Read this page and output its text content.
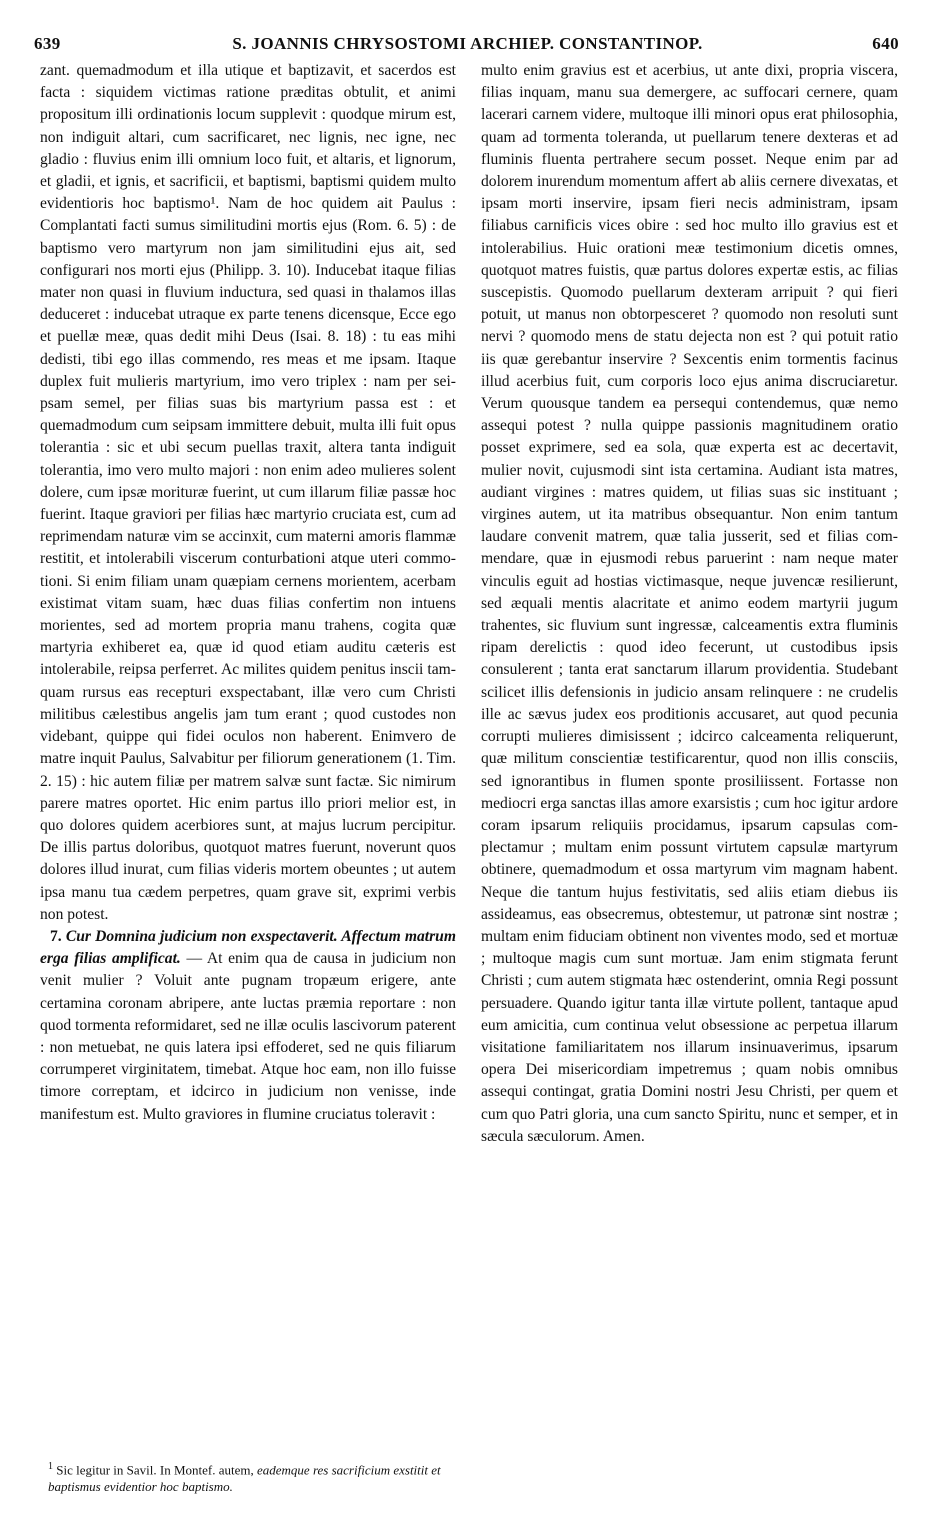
639	S. JOANNIS CHRYSOSTOMI ARCHIEP. CONSTANTINOP.	640

zant. quemadmodum et illa utique et baptizavit, et sacerdos est facta : siquidem victimas ratione præditas obtulit, et animi propositum illi ordinationis locum supplevit : quodque mirum est, non indiguit altari, cum sacrificaret, nec lignis, nec igne, nec gladio : fluvius enim illi omnium loco fuit, et altaris, et lignorum, et gladii, et ignis, et sacrificii, et baptismi, baptismi quidem multo evidentioris hoc baptismo¹. Nam de hoc quidem ait Paulus : Complantati facti sumus similitudini mortis ejus (Rom. 6. 5) : de baptismo vero martyrum non jam similitudini ejus ait, sed configurari nos morti ejus (Philipp. 3. 10). Inducebat itaque filias mater non quasi in fluvium inductura, sed quasi in thalamos illas deduceret : inducebat utraque ex parte tenens dicensque, Ecce ego et puellæ meæ, quas dedit mihi Deus (Isai. 8. 18) : tu eas mihi dedisti, tibi ego illas commendo, res meas et me ipsam. Itaque duplex fuit mulieris martyrium, imo vero triplex : nam per seipsam semel, per filias suas bis martyrium passa est : et quemadmodum cum seipsam immittere debuit, multa illi fuit opus tolerantia : sic et ubi secum puellas traxit, altera tanta indiguit tolerantia, imo vero multo majori : non enim adeo mulieres solent dolere, cum ipsæ morituræ fuerint, ut cum illarum filiæ passæ hoc fuerint. Itaque graviori per filias hæc martyrio cruciata est, cum ad reprimendam naturæ vim se accinxit, cum materni amoris flammæ restitit, et intolerabili viscerum conturbationi atque uteri commotioni. Si enim filiam unam quæpiam cernens morientem, acerbam existimat vitam suam, hæc duas filias confertim non intuens morientes, sed ad mortem propria manu trahens, cogita quæ martyria exhiberet ea, quæ id quod etiam auditu cæteris est intolerabile, reipsa perferret. Ac milites quidem penitus inscii tamquam rursus eas recepturi exspectabant, illæ vero cum Christi militibus cælestibus angelis jam tum erant ; quod custodes non videbant, quippe qui fidei oculos non haberent. Enimvero de matre inquit Paulus, Salvabitur per filiorum generationem (1. Tim. 2. 15) : hic autem filiæ per matrem salvæ sunt factæ. Sic nimirum parere matres oportet. Hic enim partus illo priori melior est, in quo dolores quidem acerbiores sunt, at majus lucrum percipitur. De illis partus doloribus, quotquot matres fuerunt, noverunt quos dolores illud inurat, cum filias videris mortem obeuntes ; ut autem ipsa manu tua cædem perpetres, quam grave sit, exprimi verbis non potest.

7. Cur Domnina judicium non exspectaverit. Affectum matrum erga filias amplificat. — At enim qua de causa in judicium non venit mulier ? Voluit ante pugnam tropæum erigere, ante certamina coronam abripere, ante luctas præmia reportare : non quod tormenta reformidaret, sed ne illæ oculis lascivorum paterent : non metuebat, ne quis latera ipsi effoderet, sed ne quis filiarum corrumperet virginitatem, timebat. Atque hoc eam, non illo fuisse timore correptam, et idcirco in judicium non venisse, inde manifestum est. Multo graviores in flumine cruciatus toleravit :

multo enim gravius est et acerbius, ut ante dixi, propria viscera, filias inquam, manu sua demergere, ac suffocari cernere, quam lacerari carnem videre, multoque illi minori opus erat philosophia, quam ad tormenta toleranda, ut puellarum tenere dexteras et ad fluminis fluenta pertrahere secum posset. Neque enim par ad dolorem inurendum momentum affert ab aliis cernere divexatas, et ipsam morti inservire, ipsam fieri necis administram, ipsam filiabus carnificis vices obire : sed hoc multo illo gravius est et intolerabilius. Huic orationi meæ testimonium dicetis omnes, quotquot matres fuistis, quæ partus dolores expertæ estis, ac filias suscepistis. Quomodo puellarum dexteram arripuit ? qui fieri potuit, ut manus non obtorpesceret ? quomodo non resoluti sunt nervi ? quomodo mens de statu dejecta non est ? qui potuit ratio iis quæ gerebantur inservire ? Sexcentis enim tormentis facinus illud acerbius fuit, cum corporis loco ejus anima discruciaretur. Verum quousque tandem ea persequi contendemus, quæ nemo assequi potest ? nulla quippe passionis magnitudinem oratio posset exprimere, sed ea sola, quæ experta est ac decertavit, mulier novit, cujusmodi sint ista certamina. Audiant ista matres, audiant virgines : matres quidem, ut filias suas sic instituant ; virgines autem, ut ita matribus obsequantur. Non enim tantum laudare convenit matrem, quæ talia jusserit, sed et filias commendare, quæ in ejusmodi rebus paruerint : nam neque mater vinculis eguit ad hostias victimasque, neque juvencæ resilierunt, sed æquali mentis alacritate et animo eodem martyrii jugum trahentes, sic fluvium sunt ingressæ, calceamentis extra fluminis ripam derelictis : quod ideo fecerunt, ut custodibus ipsis consulerent ; tanta erat sanctarum illarum providentia. Studebant scilicet illis defensionis in judicio ansam relinquere : ne crudelis ille ac sævus judex eos proditionis accusaret, aut quod pecunia corrupti mulieres dimisissent ; idcirco calceamenta reliquerunt, quæ militum conscientiæ testificarentur, quod non illis consciis, sed ignorantibus in flumen sponte prosiliissent. Fortasse non mediocri erga sanctas illas amore exarsistis ; cum hoc igitur ardore coram ipsarum reliquiis procidamus, ipsarum capsulas complectamur ; multam enim possunt virtutem capsulæ martyrum obtinere, quemadmodum et ossa martyrum vim magnam habent. Neque die tantum hujus festivitatis, sed aliis etiam diebus iis assideamus, eas obsecremus, obtestemur, ut patronæ sint nostræ ; multam enim fiduciam obtinent non viventes modo, sed et mortuæ ; multoque magis cum sunt mortuæ. Jam enim stigmata ferunt Christi ; cum autem stigmata hæc ostenderint, omnia Regi possunt persuadere. Quando igitur tanta illæ virtute pollent, tantaque apud eum amicitia, cum continua velut obsessione ac perpetua illarum visitatione familiaritatem nos illarum insinuaverimus, ipsarum opera Dei misericordiam impetremus ; quam nobis omnibus assequi contingat, gratia Domini nostri Jesu Christi, per quem et cum quo Patri gloria, una cum sancto Spiritu, nunc et semper, et in sæcula sæculorum. Amen.

$^1$ Sic legitur in Savil. In Montef. autem, eademque res sacrificium exstitit et baptismus evidentior hoc baptismo.
